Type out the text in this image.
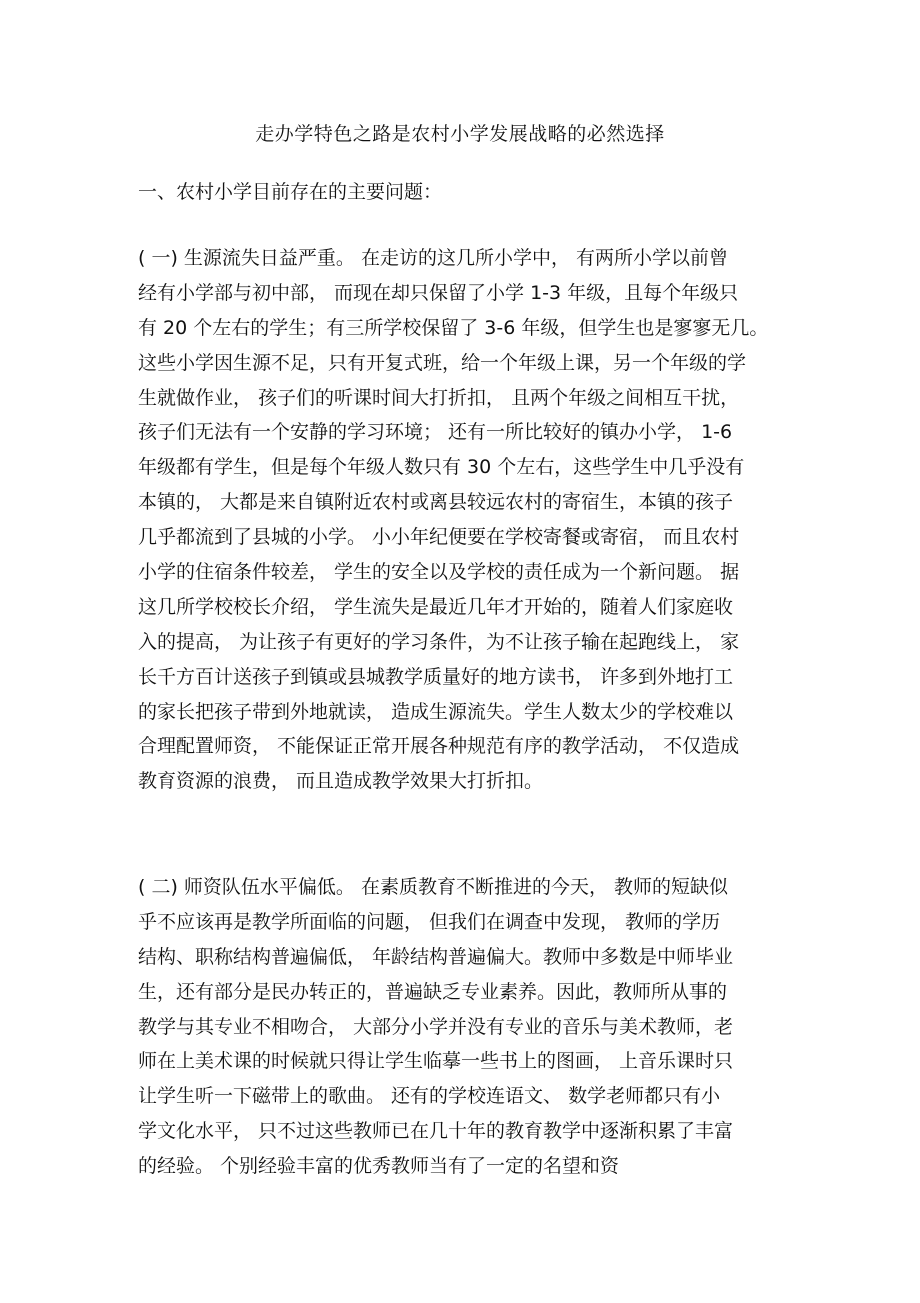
走办学特色之路是农村小学发展战略的必然选择
一、农村小学目前存在的主要问题：
( 一) 生源流失日益严重。 在走访的这几所小学中， 有两所小学以前曾
经有小学部与初中部， 而现在却只保留了小学 1-3 年级，且每个年级只
有 20 个左右的学生；有三所学校保留了 3-6 年级，但学生也是寥寥无几。
这些小学因生源不足，只有开复式班，给一个年级上课，另一个年级的学
生就做作业， 孩子们的听课时间大打折扣， 且两个年级之间相互干扰，
孩子们无法有一个安静的学习环境； 还有一所比较好的镇办小学， 1-6
年级都有学生，但是每个年级人数只有 30 个左右，这些学生中几乎没有
本镇的， 大都是来自镇附近农村或离县较远农村的寄宿生，本镇的孩子
几乎都流到了县城的小学。 小小年纪便要在学校寄餐或寄宿， 而且农村
小学的住宿条件较差， 学生的安全以及学校的责任成为一个新问题。 据
这几所学校校长介绍， 学生流失是最近几年才开始的，随着人们家庭收
入的提高， 为让孩子有更好的学习条件，为不让孩子输在起跑线上， 家
长千方百计送孩子到镇或县城教学质量好的地方读书， 许多到外地打工
的家长把孩子带到外地就读， 造成生源流失。学生人数太少的学校难以
合理配置师资， 不能保证正常开展各种规范有序的教学活动， 不仅造成
教育资源的浪费， 而且造成教学效果大打折扣。
( 二) 师资队伍水平偏低。 在素质教育不断推进的今天， 教师的短缺似
乎不应该再是教学所面临的问题， 但我们在调查中发现， 教师的学历
结构、职称结构普遍偏低， 年龄结构普遍偏大。教师中多数是中师毕业
生，还有部分是民办转正的，普遍缺乏专业素养。因此，教师所从事的
教学与其专业不相吻合， 大部分小学并没有专业的音乐与美术教师，老
师在上美术课的时候就只得让学生临摹一些书上的图画， 上音乐课时只
让学生听一下磁带上的歌曲。 还有的学校连语文、 数学老师都只有小
学文化水平， 只不过这些教师已在几十年的教育教学中逐渐积累了丰富
的经验。 个别经验丰富的优秀教师当有了一定的名望和资
